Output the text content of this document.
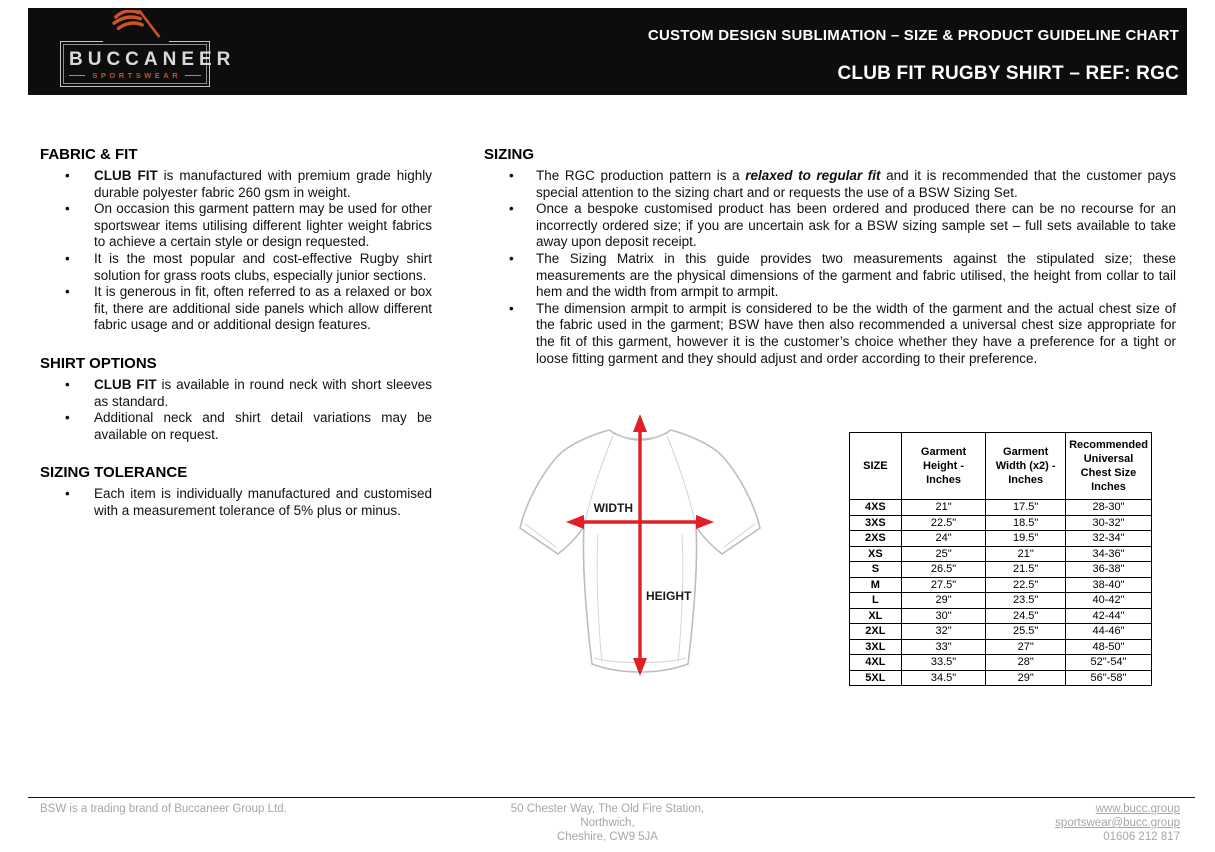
BUCCANEER
SPORTSWEAR
CUSTOM DESIGN SUBLIMATION – SIZE & PRODUCT GUIDELINE CHART
CLUB FIT RUGBY SHIRT – REF: RGC
FABRIC & FIT
• CLUB FIT is manufactured with premium grade highly durable polyester fabric 260 gsm in weight.
• On occasion this garment pattern may be used for other sportswear items utilising different lighter weight fabrics to achieve a certain style or design requested.
• It is the most popular and cost-effective Rugby shirt solution for grass roots clubs, especially junior sections.
• It is generous in fit, often referred to as a relaxed or box fit, there are additional side panels which allow different fabric usage and or additional design features.
SHIRT OPTIONS
• CLUB FIT is available in round neck with short sleeves as standard.
• Additional neck and shirt detail variations may be available on request.
SIZING TOLERANCE
• Each item is individually manufactured and customised with a measurement tolerance of 5% plus or minus.
SIZING
• The RGC production pattern is a relaxed to regular fit and it is recommended that the customer pays special attention to the sizing chart and or requests the use of a BSW Sizing Set.
• Once a bespoke customised product has been ordered and produced there can be no recourse for an incorrectly ordered size; if you are uncertain ask for a BSW sizing sample set – full sets available to take away upon deposit receipt.
• The Sizing Matrix in this guide provides two measurements against the stipulated size; these measurements are the physical dimensions of the garment and fabric utilised, the height from collar to tail hem and the width from armpit to armpit.
• The dimension armpit to armpit is considered to be the width of the garment and the actual chest size of the fabric used in the garment; BSW have then also recommended a universal chest size appropriate for the fit of this garment, however it is the customer’s choice whether they have a preference for a tight or loose fitting garment and they should adjust and order according to their preference.
WIDTH
HEIGHT
SIZE	Garment Height - Inches	Garment Width (x2) - Inches	Recommended Universal Chest Size Inches
4XS	21"	17.5"	28-30"
3XS	22.5"	18.5"	30-32"
2XS	24"	19.5"	32-34"
XS	25"	21"	34-36"
S	26.5"	21.5"	36-38"
M	27.5"	22.5"	38-40"
L	29"	23.5"	40-42"
XL	30"	24.5"	42-44"
2XL	32"	25.5"	44-46"
3XL	33"	27"	48-50"
4XL	33.5"	28"	52"-54"
5XL	34.5"	29"	56"-58"
BSW is a trading brand of Buccaneer Group Ltd.	50 Chester Way, The Old Fire Station,
Northwich,
Cheshire, CW9 5JA
www.bucc.group
sportswear@bucc.group
01606 212 817
